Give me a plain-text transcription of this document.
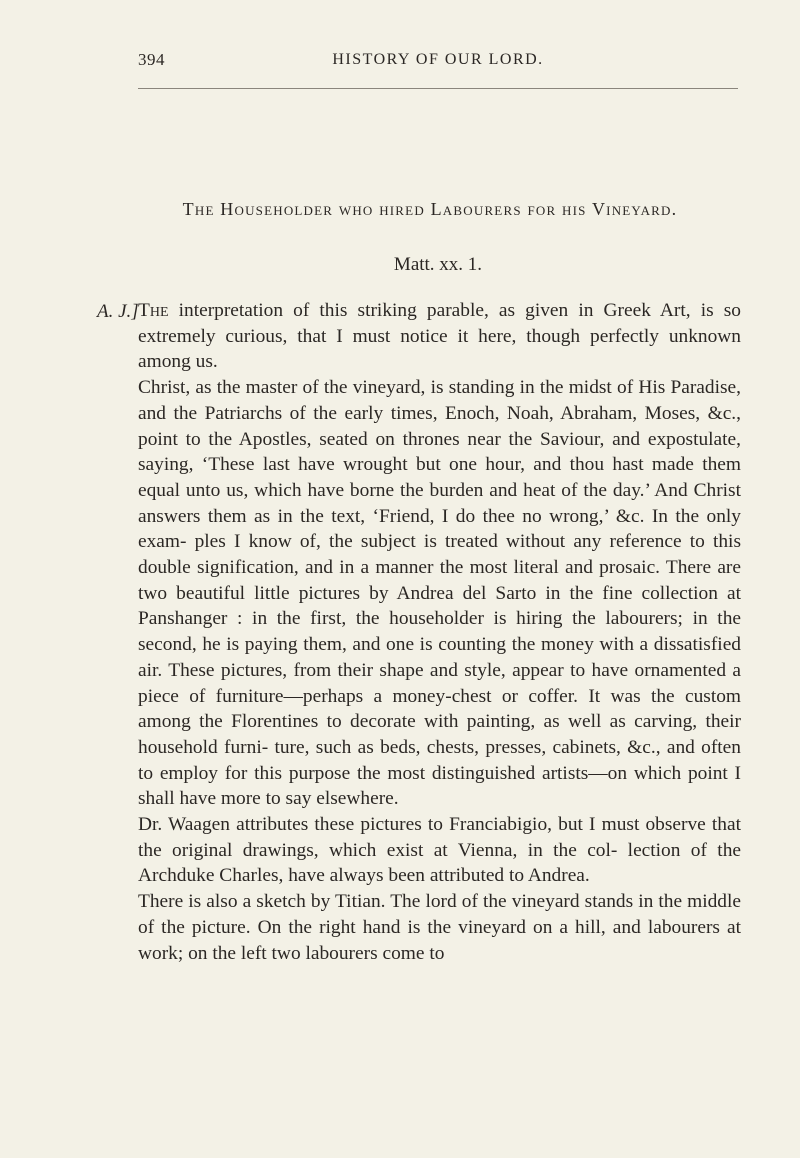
394	HISTORY OF OUR LORD.
The Householder who hired Labourers for his Vineyard.
Matt. xx. 1.
A. J.] The interpretation of this striking parable, as given in Greek Art, is so extremely curious, that I must notice it here, though perfectly unknown among us.

Christ, as the master of the vineyard, is standing in the midst of His Paradise, and the Patriarchs of the early times, Enoch, Noah, Abraham, Moses, &c., point to the Apostles, seated on thrones near the Saviour, and expostulate, saying, ‘These last have wrought but one hour, and thou hast made them equal unto us, which have borne the burden and heat of the day.’ And Christ answers them as in the text, ‘Friend, I do thee no wrong,’ &c. In the only exam- ples I know of, the subject is treated without any reference to this double signification, and in a manner the most literal and prosaic. There are two beautiful little pictures by Andrea del Sarto in the fine collection at Panshanger : in the first, the householder is hiring the labourers; in the second, he is paying them, and one is counting the money with a dissatisfied air. These pictures, from their shape and style, appear to have ornamented a piece of furniture—perhaps a money-chest or coffer. It was the custom among the Florentines to decorate with painting, as well as carving, their household furni- ture, such as beds, chests, presses, cabinets, &c., and often to employ for this purpose the most distinguished artists—on which point I shall have more to say elsewhere.

Dr. Waagen attributes these pictures to Franciabigio, but I must observe that the original drawings, which exist at Vienna, in the col- lection of the Archduke Charles, have always been attributed to Andrea.

There is also a sketch by Titian. The lord of the vineyard stands in the middle of the picture. On the right hand is the vineyard on a hill, and labourers at work; on the left two labourers come to
